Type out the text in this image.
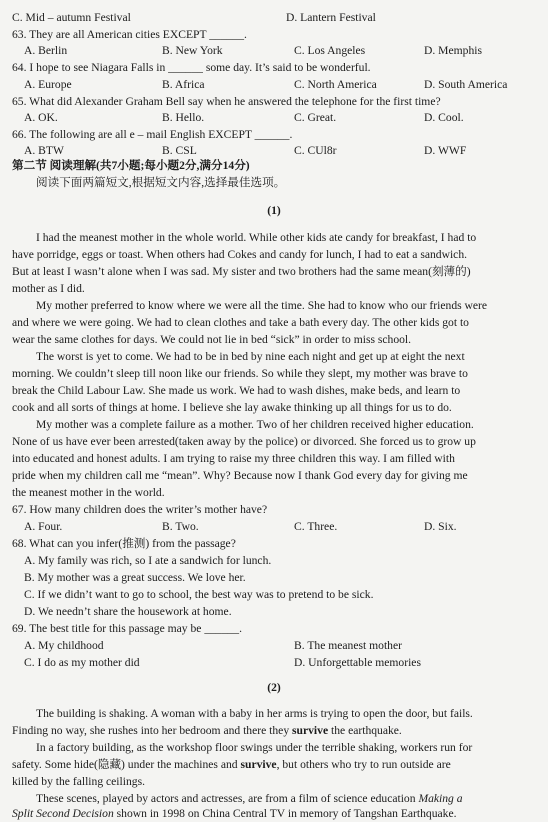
C. Mid – autumn Festival	D. Lantern Festival
63. They are all American cities EXCEPT ______.
A. Berlin	B. New York	C. Los Angeles	D. Memphis
64. I hope to see Niagara Falls in ______ some day. It’s said to be wonderful.
A. Europe	B. Africa	C. North America	D. South America
65. What did Alexander Graham Bell say when he answered the telephone for the first time?
A. OK.	B. Hello.	C. Great.	D. Cool.
66. The following are all e – mail English EXCEPT ______.
A. BTW	B. CSL	C. CUl8r	D. WWF
第二节 阅读理解(共7小题;每小题2分,满分14分)
阅读下面两篇短文,根据短文内容,选择最佳选项。
(1)
I had the meanest mother in the whole world. While other kids ate candy for breakfast, I had to
have porridge, eggs or toast. When others had Cokes and candy for lunch, I had to eat a sandwich.
But at least I wasn’t alone when I was sad. My sister and two brothers had the same mean(刻薄的)
mother as I did.
My mother preferred to know where we were all the time. She had to know who our friends were
and where we were going. We had to clean clothes and take a bath every day. The other kids got to
wear the same clothes for days. We could not lie in bed “sick” in order to miss school.
The worst is yet to come. We had to be in bed by nine each night and get up at eight the next
morning. We couldn’t sleep till noon like our friends. So while they slept, my mother was brave to
break the Child Labour Law. She made us work. We had to wash dishes, make beds, and learn to
cook and all sorts of things at home. I believe she lay awake thinking up all things for us to do.
My mother was a complete failure as a mother. Two of her children received higher education.
None of us have ever been arrested(taken away by the police) or divorced. She forced us to grow up
into educated and honest adults. I am trying to raise my three children this way. I am filled with
pride when my children call me “mean”. Why? Because now I thank God every day for giving me
the meanest mother in the world.
67. How many children does the writer’s mother have?
A. Four.	B. Two.	C. Three.	D. Six.
68. What can you infer(推测) from the passage?
A. My family was rich, so I ate a sandwich for lunch.
B. My mother was a great success. We love her.
C. If we didn’t want to go to school, the best way was to pretend to be sick.
D. We needn’t share the housework at home.
69. The best title for this passage may be ______.
A. My childhood	B. The meanest mother
C. I do as my mother did	D. Unforgettable memories
(2)
The building is shaking. A woman with a baby in her arms is trying to open the door, but fails.
Finding no way, she rushes into her bedroom and there they survive the earthquake.
In a factory building, as the workshop floor swings under the terrible shaking, workers run for
safety. Some hide(隐藏) under the machines and survive, but others who try to run outside are
killed by the falling ceilings.
These scenes, played by actors and actresses, are from a film of science education Making a
Split Second Decision shown in 1998 on China Central TV in memory of Tangshan Earthquake.
